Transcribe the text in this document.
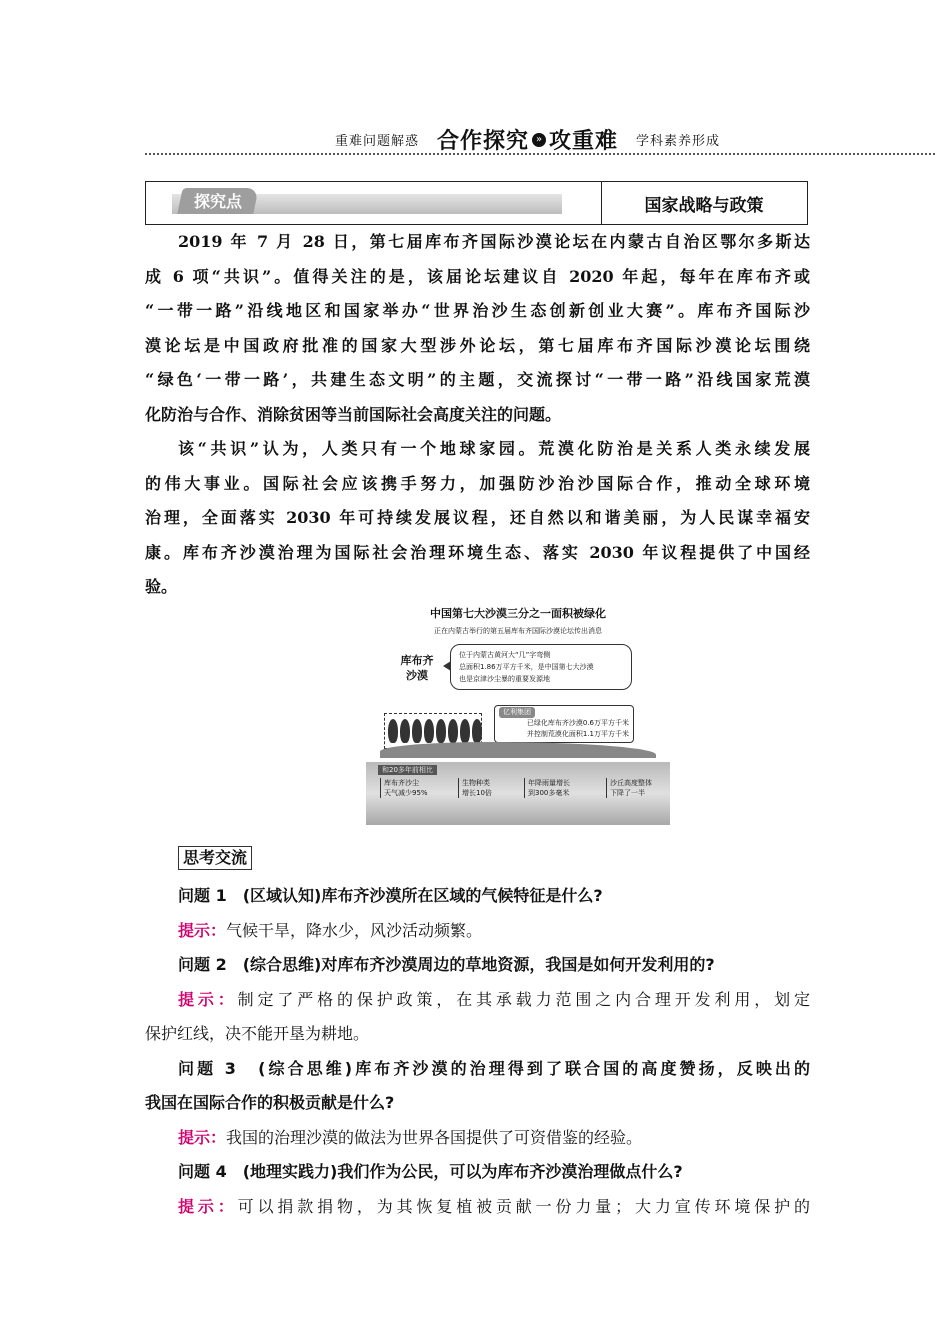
重难问题解惑 合作探究 » 攻重难 学科素养形成
探究点	国家战略与政策
2019 年 7 月 28 日，第七届库布齐国际沙漠论坛在内蒙古自治区鄂尔多斯达
成 6 项“共识”。值得关注的是，该届论坛建议自 2020 年起，每年在库布齐或
“一带一路”沿线地区和国家举办“世界治沙生态创新创业大赛”。库布齐国际沙
漠论坛是中国政府批准的国家大型涉外论坛，第七届库布齐国际沙漠论坛围绕
“绿色‘一带一路’，共建生态文明”的主题，交流探讨“一带一路”沿线国家荒漠
化防治与合作、消除贫困等当前国际社会高度关注的问题。
该“共识”认为，人类只有一个地球家园。荒漠化防治是关系人类永续发展
的伟大事业。国际社会应该携手努力，加强防沙治沙国际合作，推动全球环境
治理，全面落实 2030 年可持续发展议程，还自然以和谐美丽，为人民谋幸福安
康。库布齐沙漠治理为国际社会治理环境生态、落实 2030 年议程提供了中国经
验。
中国第七大沙漠三分之一面积被绿化
正在内蒙古举行的第五届库布齐国际沙漠论坛传出消息
库布齐
沙漠
位于内蒙古黄河大“几”字弯侧
总面积1.86万平方千米，是中国第七大沙漠
也是京津沙尘暴的重要发源地
亿利集团
已绿化库布齐沙漠0.6万平方千米
并控制荒漠化面积1.1万平方千米
和20多年前相比
库布齐沙尘
天气减少95%
生物种类
增长10倍
年降雨量增长
到300多毫米
沙丘高度整体
下降了一半
思考交流
问题 1　(区域认知)库布齐沙漠所在区域的气候特征是什么?
提示：气候干旱，降水少，风沙活动频繁。
问题 2　(综合思维)对库布齐沙漠周边的草地资源，我国是如何开发利用的?
提示：制定了严格的保护政策，在其承载力范围之内合理开发利用，划定
保护红线，决不能开垦为耕地。
问题 3　(综合思维)库布齐沙漠的治理得到了联合国的高度赞扬，反映出的
我国在国际合作的积极贡献是什么?
提示：我国的治理沙漠的做法为世界各国提供了可资借鉴的经验。
问题 4　(地理实践力)我们作为公民，可以为库布齐沙漠治理做点什么?
提示：可以捐款捐物，为其恢复植被贡献一份力量；大力宣传环境保护的
